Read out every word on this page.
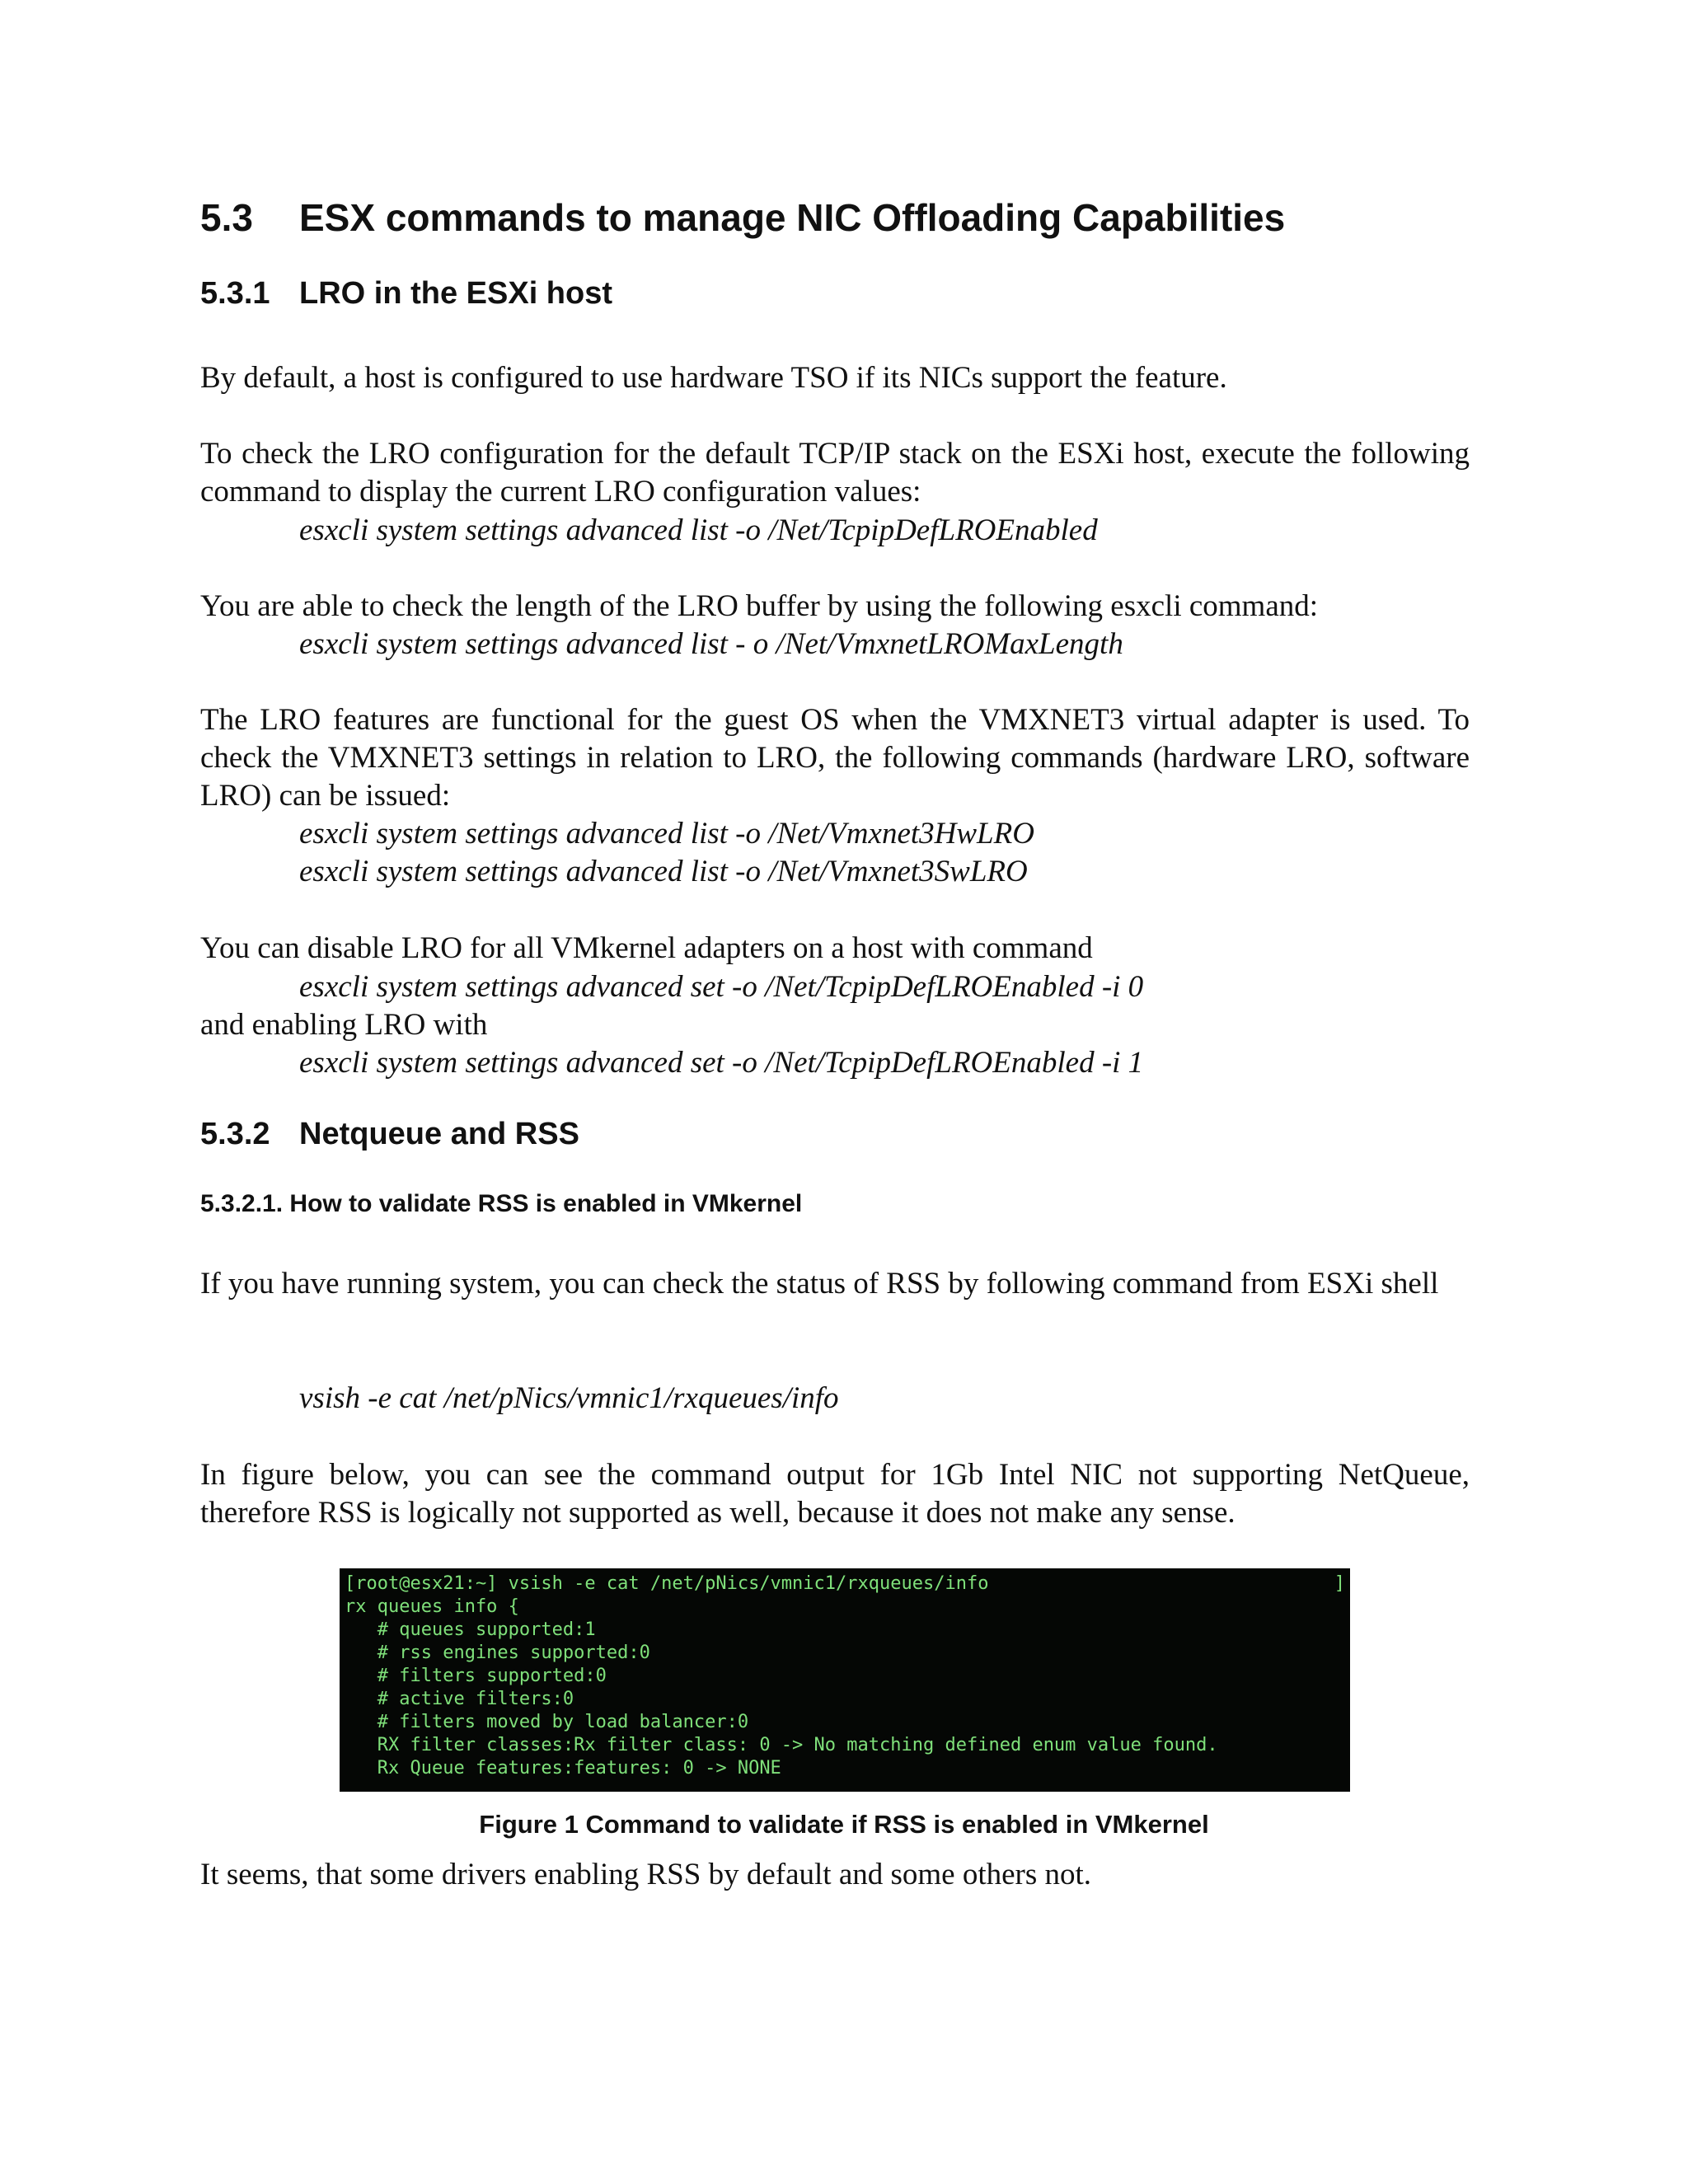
5.3 ESX commands to manage NIC Offloading Capabilities
5.3.1 LRO in the ESXi host
By default, a host is configured to use hardware TSO if its NICs support the feature.
To check the LRO configuration for the default TCP/IP stack on the ESXi host, execute the following command to display the current LRO configuration values:
esxcli system settings advanced list -o /Net/TcpipDefLROEnabled
You are able to check the length of the LRO buffer by using the following esxcli command:
esxcli system settings advanced list - o /Net/VmxnetLROMaxLength
The LRO features are functional for the guest OS when the VMXNET3 virtual adapter is used. To check the VMXNET3 settings in relation to LRO, the following commands (hardware LRO, software LRO) can be issued:
esxcli system settings advanced list -o /Net/Vmxnet3HwLRO
esxcli system settings advanced list -o /Net/Vmxnet3SwLRO
You can disable LRO for all VMkernel adapters on a host with command
esxcli system settings advanced set -o /Net/TcpipDefLROEnabled -i 0
and enabling LRO with
esxcli system settings advanced set -o /Net/TcpipDefLROEnabled -i 1
5.3.2 Netqueue and RSS
5.3.2.1. How to validate RSS is enabled in VMkernel
If you have running system, you can check the status of RSS by following command from ESXi shell
vsish -e cat /net/pNics/vmnic1/rxqueues/info
In figure below, you can see the command output for 1Gb Intel NIC not supporting NetQueue, therefore RSS is logically not supported as well, because it does not make any sense.
[root@esx21:~] vsish -e cat /net/pNics/vmnic1/rxqueues/info
rx queues info {
# queues supported:1
# rss engines supported:0
# filters supported:0
# active filters:0
# filters moved by load balancer:0
RX filter classes:Rx filter class: 0 -> No matching defined enum value found.
Rx Queue features:features: 0 -> NONE
]
Figure 1 Command to validate if RSS is enabled in VMkernel
It seems, that some drivers enabling RSS by default and some others not.
